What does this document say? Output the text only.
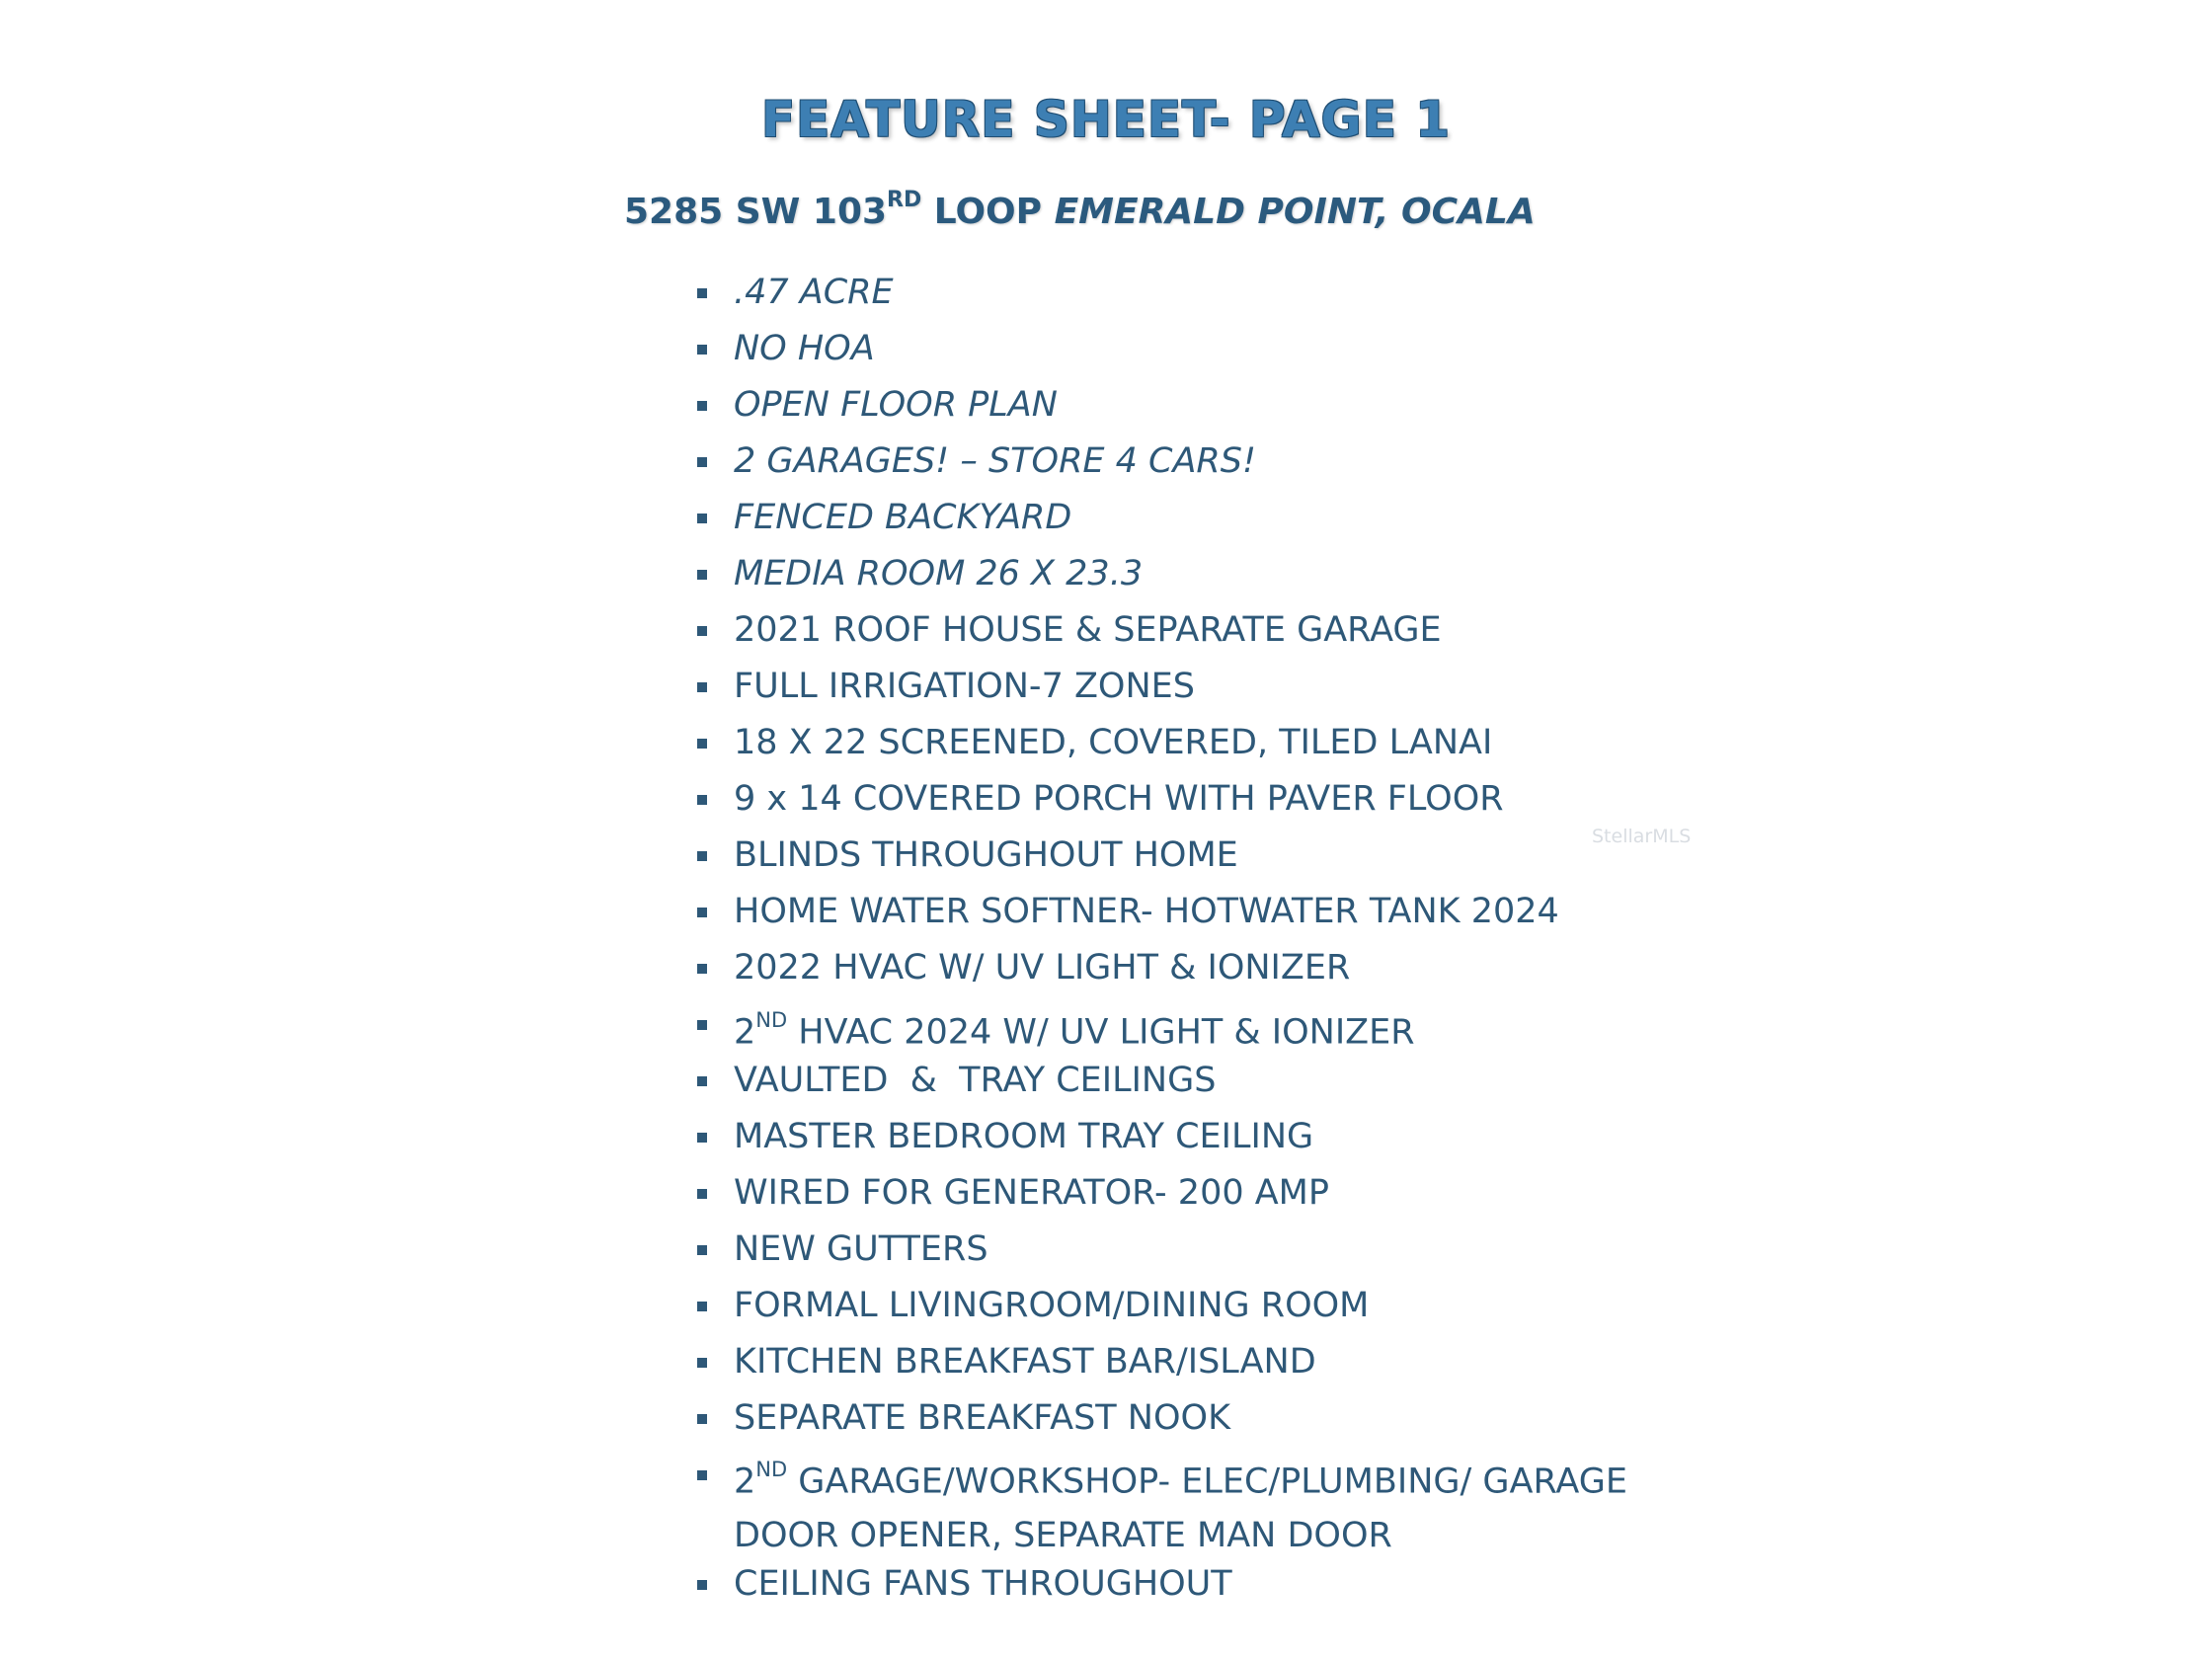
FEATURE SHEET- PAGE 1
5285 SW 103RD LOOP EMERALD POINT, OCALA
.47 ACRE
NO HOA
OPEN FLOOR PLAN
2 GARAGES! – STORE 4 CARS!
FENCED BACKYARD
MEDIA ROOM 26 X 23.3
2021 ROOF HOUSE & SEPARATE GARAGE
FULL IRRIGATION-7 ZONES
18 X 22 SCREENED, COVERED, TILED LANAI
9 x 14 COVERED PORCH WITH PAVER FLOOR
BLINDS THROUGHOUT HOME
HOME WATER SOFTNER- HOTWATER TANK 2024
2022 HVAC W/ UV LIGHT & IONIZER
2ND HVAC 2024 W/ UV LIGHT & IONIZER
VAULTED  &  TRAY CEILINGS
MASTER BEDROOM TRAY CEILING
WIRED FOR GENERATOR- 200 AMP
NEW GUTTERS
FORMAL LIVINGROOM/DINING ROOM
KITCHEN BREAKFAST BAR/ISLAND
SEPARATE BREAKFAST NOOK
2ND GARAGE/WORKSHOP- ELEC/PLUMBING/ GARAGE DOOR OPENER, SEPARATE MAN DOOR
CEILING FANS THROUGHOUT
StellarMLS
